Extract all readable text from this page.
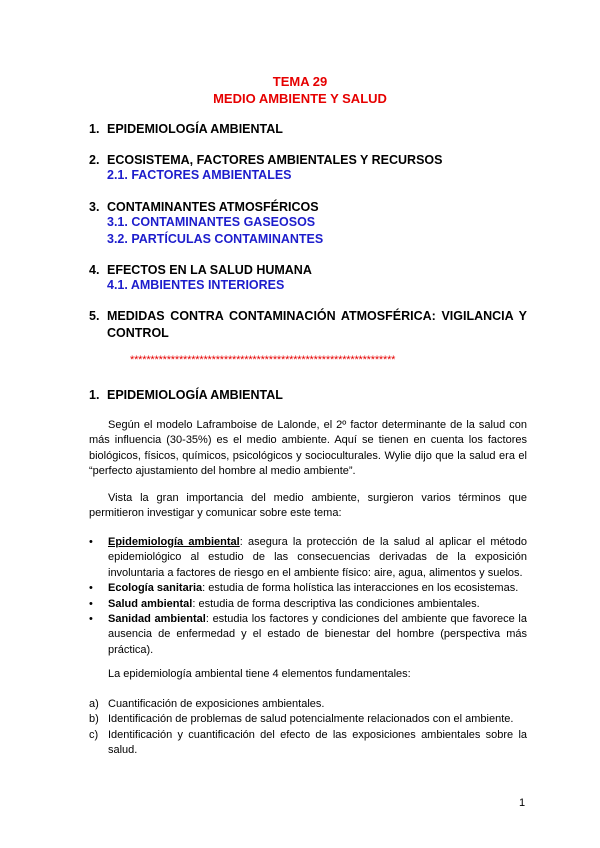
TEMA 29
MEDIO AMBIENTE Y SALUD
1. EPIDEMIOLOGÍA AMBIENTAL
2. ECOSISTEMA, FACTORES AMBIENTALES Y RECURSOS
2.1. FACTORES AMBIENTALES
3. CONTAMINANTES ATMOSFÉRICOS
3.1. CONTAMINANTES GASEOSOS
3.2. PARTÍCULAS CONTAMINANTES
4. EFECTOS EN LA SALUD HUMANA
4.1. AMBIENTES INTERIORES
5. MEDIDAS CONTRA CONTAMINACIÓN ATMOSFÉRICA: VIGILANCIA Y
CONTROL
*****************************************************************
1. EPIDEMIOLOGÍA AMBIENTAL
Según el modelo Laframboise de Lalonde, el 2º factor determinante de la salud con más influencia (30-35%) es el medio ambiente. Aquí se tienen en cuenta los factores biológicos, físicos, químicos, psicológicos y socioculturales. Wylie dijo que la salud era el “perfecto ajustamiento del hombre al medio ambiente”.
Vista la gran importancia del medio ambiente, surgieron varios términos que permitieron investigar y comunicar sobre este tema:
• Epidemiología ambiental: asegura la protección de la salud al aplicar el método epidemiológico al estudio de las consecuencias derivadas de la exposición involuntaria a factores de riesgo en el ambiente físico: aire, agua, alimentos y suelos.
• Ecología sanitaria: estudia de forma holística las interacciones en los ecosistemas.
• Salud ambiental: estudia de forma descriptiva las condiciones ambientales.
• Sanidad ambiental: estudia los factores y condiciones del ambiente que favorece la ausencia de enfermedad y el estado de bienestar del hombre (perspectiva más práctica).
La epidemiología ambiental tiene 4 elementos fundamentales:
a) Cuantificación de exposiciones ambientales.
b) Identificación de problemas de salud potencialmente relacionados con el ambiente.
c) Identificación y cuantificación del efecto de las exposiciones ambientales sobre la salud.
1
